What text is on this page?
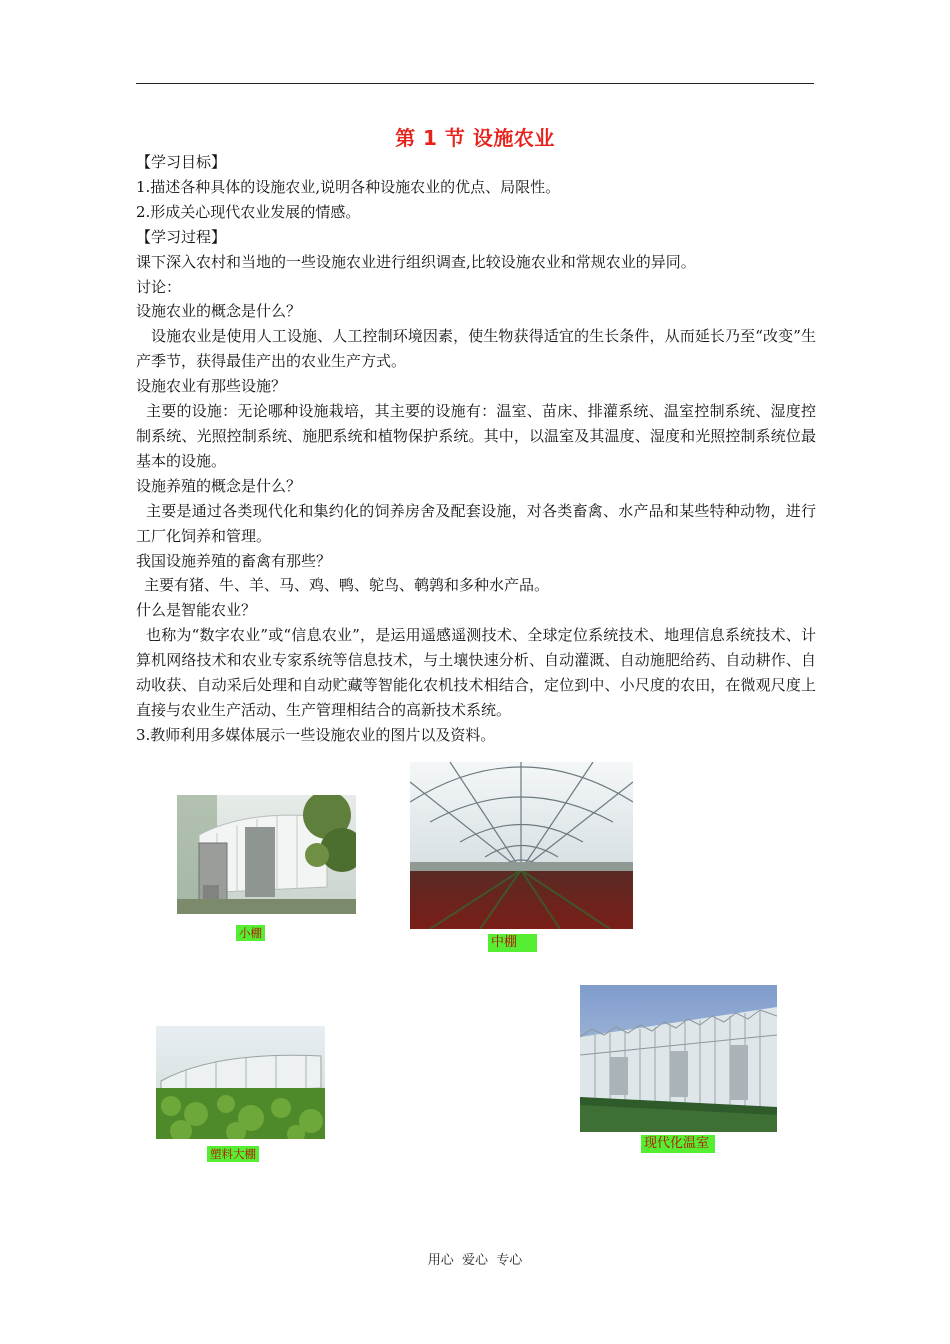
第 1 节 设施农业

【学习目标】

1.描述各种具体的设施农业,说明各种设施农业的优点、局限性。

2.形成关心现代农业发展的情感。

【学习过程】

课下深入农村和当地的一些设施农业进行组织调查,比较设施农业和常规农业的异同。

讨论：

设施农业的概念是什么？

设施农业是使用人工设施、人工控制环境因素，使生物获得适宜的生长条件，从而延长乃至“改变”生产季节，获得最佳产出的农业生产方式。

设施农业有那些设施？

主要的设施：无论哪种设施栽培，其主要的设施有：温室、苗床、排灌系统、温室控制系统、湿度控制系统、光照控制系统、施肥系统和植物保护系统。其中，以温室及其温度、湿度和光照控制系统位最基本的设施。

设施养殖的概念是什么？

主要是通过各类现代化和集约化的饲养房舍及配套设施，对各类畜禽、水产品和某些特种动物，进行工厂化饲养和管理。

我国设施养殖的畜禽有那些？

主要有猪、牛、羊、马、鸡、鸭、鸵鸟、鹌鹑和多种水产品。

什么是智能农业？

也称为“数字农业”或“信息农业”，是运用遥感遥测技术、全球定位系统技术、地理信息系统技术、计算机网络技术和农业专家系统等信息技术，与土壤快速分析、自动灌溉、自动施肥给药、自动耕作、自动收获、自动采后处理和自动贮藏等智能化农机技术相结合，定位到中、小尺度的农田，在微观尺度上直接与农业生产活动、生产管理相结合的高新技术系统。

3.教师利用多媒体展示一些设施农业的图片以及资料。

小棚
中棚
塑料大棚
现代化温室
用心  爱心  专心
